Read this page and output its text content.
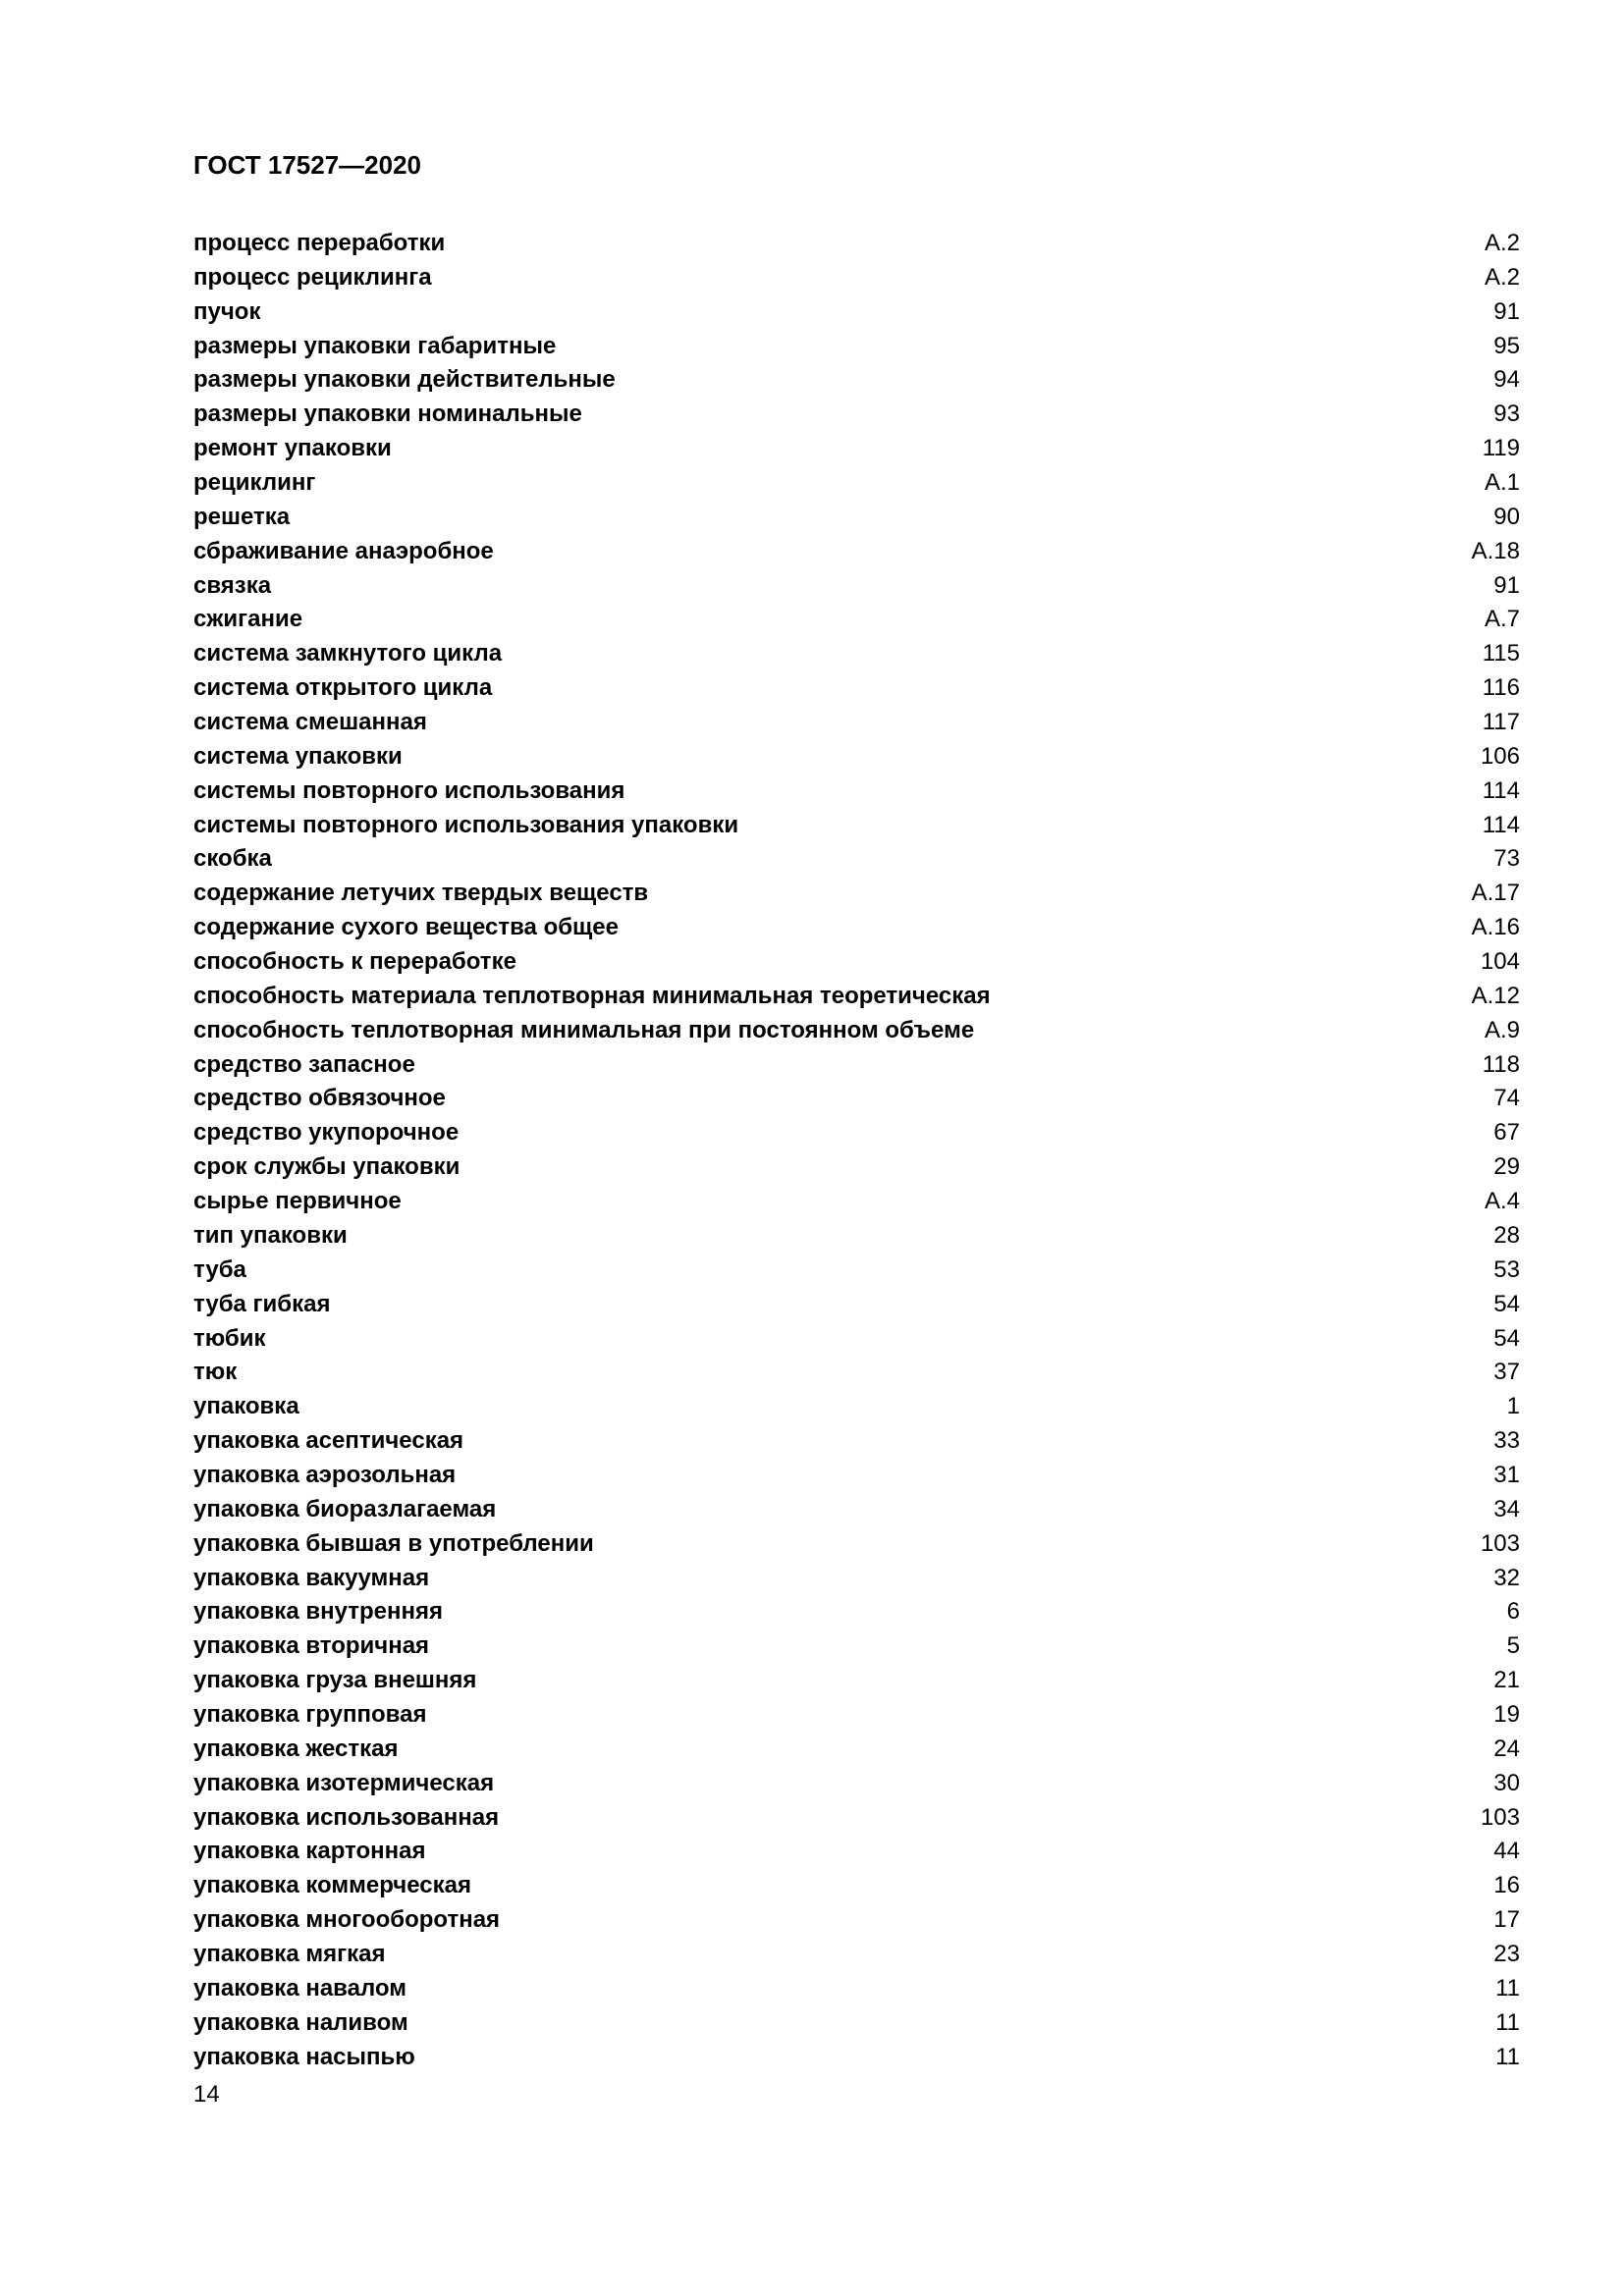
ГОСТ 17527—2020
процесс переработки	А.2
процесс рециклинга	А.2
пучок	91
размеры упаковки габаритные	95
размеры упаковки действительные	94
размеры упаковки номинальные	93
ремонт упаковки	119
рециклинг	А.1
решетка	90
сбраживание анаэробное	А.18
связка	91
сжигание	А.7
система замкнутого цикла	115
система открытого цикла	116
система смешанная	117
система упаковки	106
системы повторного использования	114
системы повторного использования упаковки	114
скобка	73
содержание летучих твердых веществ	А.17
содержание сухого вещества общее	А.16
способность к переработке	104
способность материала теплотворная минимальная теоретическая	А.12
способность теплотворная минимальная при постоянном объеме	А.9
средство запасное	118
средство обвязочное	74
средство укупорочное	67
срок службы упаковки	29
сырье первичное	А.4
тип упаковки	28
туба	53
туба гибкая	54
тюбик	54
тюк	37
упаковка	1
упаковка асептическая	33
упаковка аэрозольная	31
упаковка биоразлагаемая	34
упаковка бывшая в употреблении	103
упаковка вакуумная	32
упаковка внутренняя	6
упаковка вторичная	5
упаковка груза внешняя	21
упаковка групповая	19
упаковка жесткая	24
упаковка изотермическая	30
упаковка использованная	103
упаковка картонная	44
упаковка коммерческая	16
упаковка многооборотная	17
упаковка мягкая	23
упаковка навалом	11
упаковка наливом	11
упаковка насыпью	11
14
